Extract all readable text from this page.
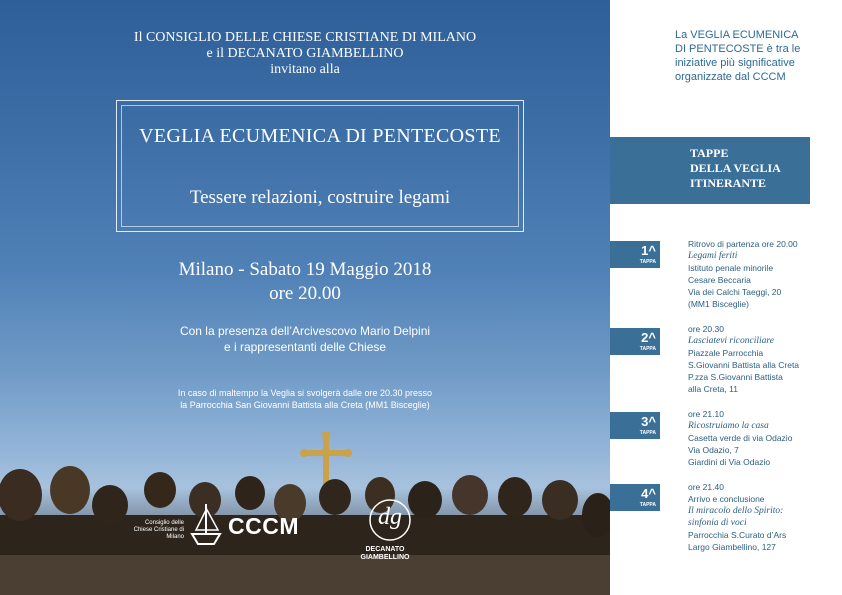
Il CONSIGLIO DELLE CHIESE CRISTIANE DI MILANO
e il DECANATO GIAMBELLINO
invitano alla
VEGLIA ECUMENICA DI PENTECOSTE
Tessere relazioni, costruire legami
Milano - Sabato 19 Maggio 2018
ore 20.00
Con la presenza dell’Arcivescovo Mario Delpini
e i rappresentanti delle Chiese
In caso di maltempo la Veglia si svolgerà dalle ore 20.30 presso
la Parrocchia San Giovanni Battista alla Creta (MM1 Bisceglie)
Consiglio delle Chiese Cristiane di Milano CCCM	dg
DECANATO GIAMBELLINO
La VEGLIA ECUMENICA
DI PENTECOSTE è tra le
iniziative più significative
organizzate dal CCCM
TAPPE
DELLA VEGLIA
ITINERANTE
1^
TAPPA
Ritrovo di partenza ore 20.00
Legami feriti
Istituto penale minorile
Cesare Beccaria
Via dei Calchi Taeggi, 20
(MM1 Bisceglie)
2^
TAPPA
ore 20.30
Lasciatevi riconciliare
Piazzale Parrocchia
S.Giovanni Battista alla Creta
P.zza S.Giovanni Battista
alla Creta, 11
3^
TAPPA
ore 21.10
Ricostruiamo la casa
Casetta verde di via Odazio
Via Odazio, 7
Giardini di Via Odazio
4^
TAPPA
ore 21.40
Arrivo e conclusione
Il miracolo dello Spirito:
sinfonia di voci
Parrocchia S.Curato d’Ars
Largo Giambellino, 127
